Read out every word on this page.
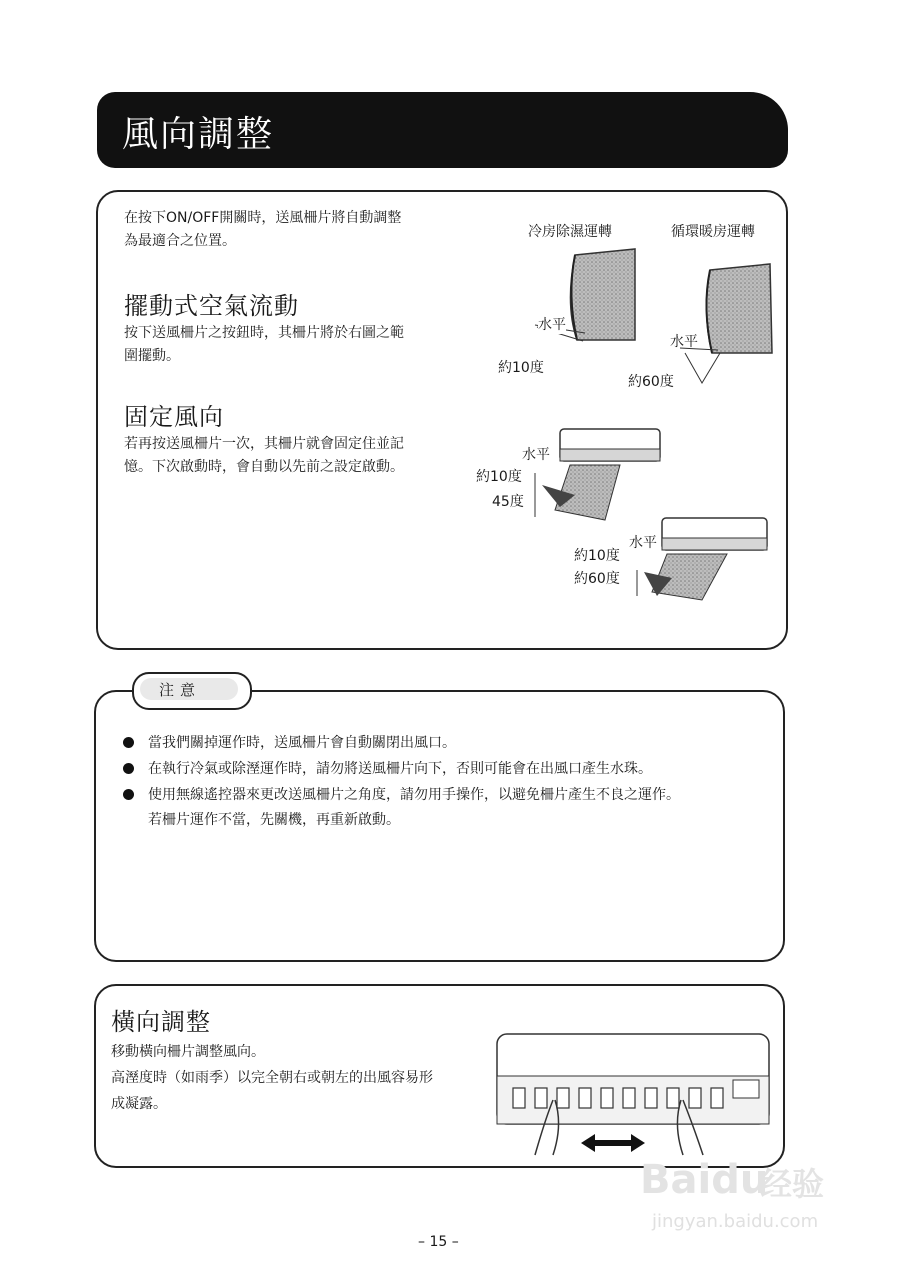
風向調整
在按下ON/OFF開關時，送風柵片將自動調整
為最適合之位置。
擺動式空氣流動
按下送風柵片之按鈕時，其柵片將於右圖之範
圍擺動。
固定風向
若再按送風柵片一次，其柵片就會固定住並記
憶。下次啟動時，會自動以先前之設定啟動。
冷房除濕運轉	循環暖房運轉
水平
約10度
水平
約60度
水平
約10度
45度
水平
約10度
約60度
注意
當我們關掉運作時，送風柵片會自動關閉出風口。
在執行冷氣或除溼運作時，請勿將送風柵片向下，否則可能會在出風口產生水珠。
使用無線遙控器來更改送風柵片之角度，請勿用手操作，以避免柵片產生不良之運作。
若柵片運作不當，先關機，再重新啟動。
橫向調整
移動橫向柵片調整風向。
高溼度時（如雨季）以完全朝右或朝左的出風容易形
成凝露。
Baidu
经验
jingyan.baidu.com
– 15 –
